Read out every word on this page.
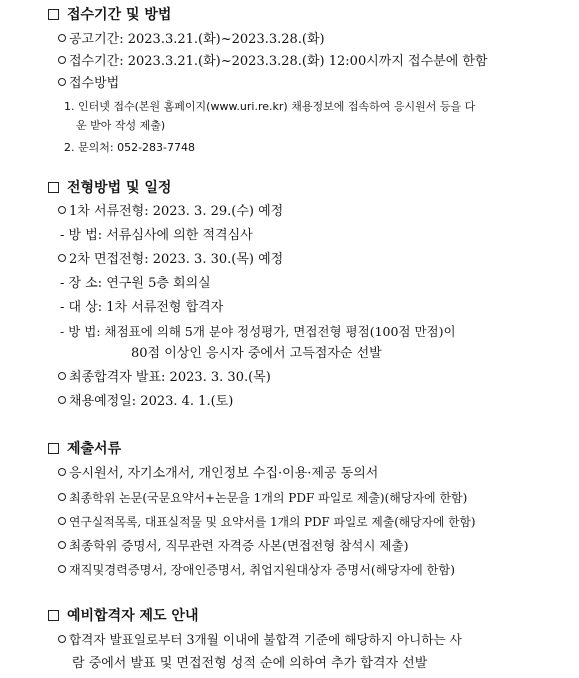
접수기간 및 방법
공고기간: 2023.3.21.(화)~2023.3.28.(화)
접수기간: 2023.3.21.(화)~2023.3.28.(화) 12:00시까지 접수분에 한함
접수방법
1. 인터넷 접수(본원 홈페이지(www.uri.re.kr) 채용정보에 접속하여 응시원서 등을 다
운 받아 작성 제출)
2. 문의처: 052-283-7748
전형방법 및 일정
1차 서류전형: 2023. 3. 29.(수) 예정
- 방 법: 서류심사에 의한 적격심사
2차 면접전형: 2023. 3. 30.(목) 예정
- 장 소: 연구원 5층 회의실
- 대 상: 1차 서류전형 합격자
- 방 법: 채점표에 의해 5개 분야 정성평가, 면접전형 평점(100점 만점)이
80점 이상인 응시자 중에서 고득점자순 선발
최종합격자 발표: 2023. 3. 30.(목)
채용예정일: 2023. 4. 1.(토)
제출서류
응시원서, 자기소개서, 개인정보 수집·이용·제공 동의서
최종학위 논문(국문요약서+논문을 1개의 PDF 파일로 제출)(해당자에 한함)
연구실적목록, 대표실적물 및 요약서를 1개의 PDF 파일로 제출(해당자에 한함)
최종학위 증명서, 직무관련 자격증 사본(면접전형 참석시 제출)
재직및경력증명서, 장애인증명서, 취업지원대상자 증명서(해당자에 한함)
예비합격자 제도 안내
합격자 발표일로부터 3개월 이내에 불합격 기준에 해당하지 아니하는 사
람 중에서 발표 및 면접전형 성적 순에 의하여 추가 합격자 선발
